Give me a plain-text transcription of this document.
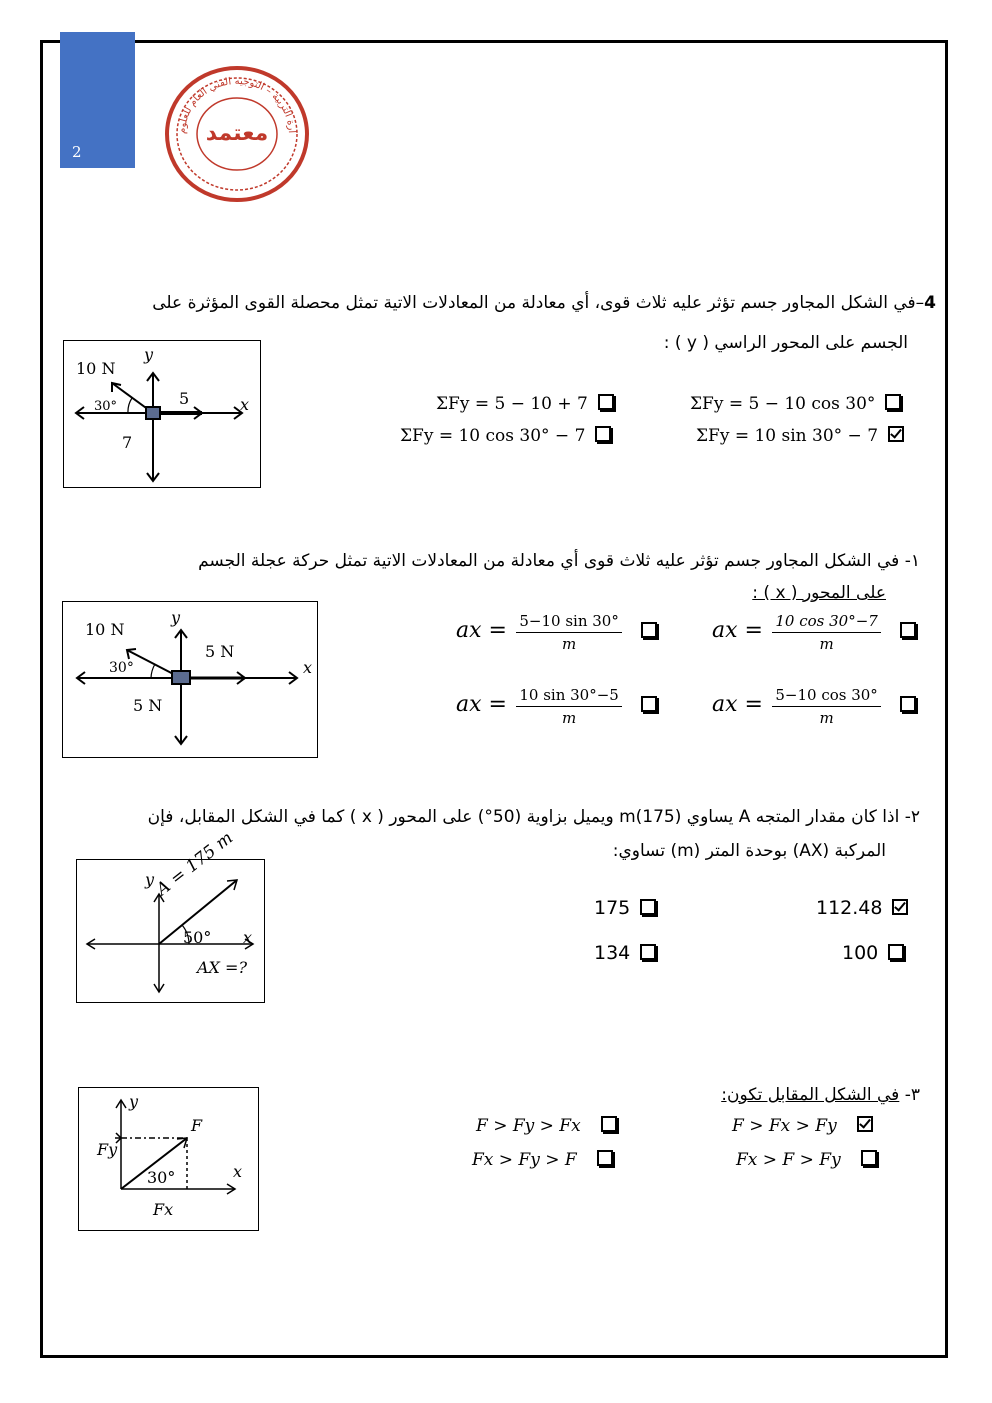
2
ارة التربية – التوجيه الفني العام للعلوم
معتمد
4–في الشكل المجاور جسم تؤثر عليه ثلاث قوى، أي معادلة من المعادلات الاتية تمثل محصلة القوى المؤثرة على
الجسم على المحور الراسي ( y ) :
ΣFy = 5 − 10 cos 30°
ΣFy = 5 − 10 + 7
ΣFy = 10 sin 30° − 7
ΣFy = 10 cos 30° − 7
10 N
30°	5
7
x
y
١- في الشكل المجاور جسم تؤثر عليه ثلاث قوى أي معادلة من المعادلات الاتية تمثل حركة عجلة الجسم
على المحور ( x ) :
ax = $\frac{10 \cos 30^\circ-7}{m}$

ax = $\frac{5-10 \sin 30^\circ}{m}$

ax = $\frac{5-10 \cos 30^\circ}{m}$

ax = $\frac{10 \sin 30^\circ-5}{m}$

10 N
30°
5 N
5 N
x
y
٢- اذا كان مقدار المتجه A يساوي m(175) ويميل بزاوية (50°) على المحور ( x ) كما في الشكل المقابل، فإن
المركبة (AX) بوحدة المتر (m) تساوي:
112.48
175
100
134
A = 175 m
50°
AX =?
x
y
٣- في الشكل المقابل تكون:
F > Fx > Fy
F > Fy > Fx
Fx > F > Fy
Fx > Fy > F
F
Fy
30°
Fx
x
y
